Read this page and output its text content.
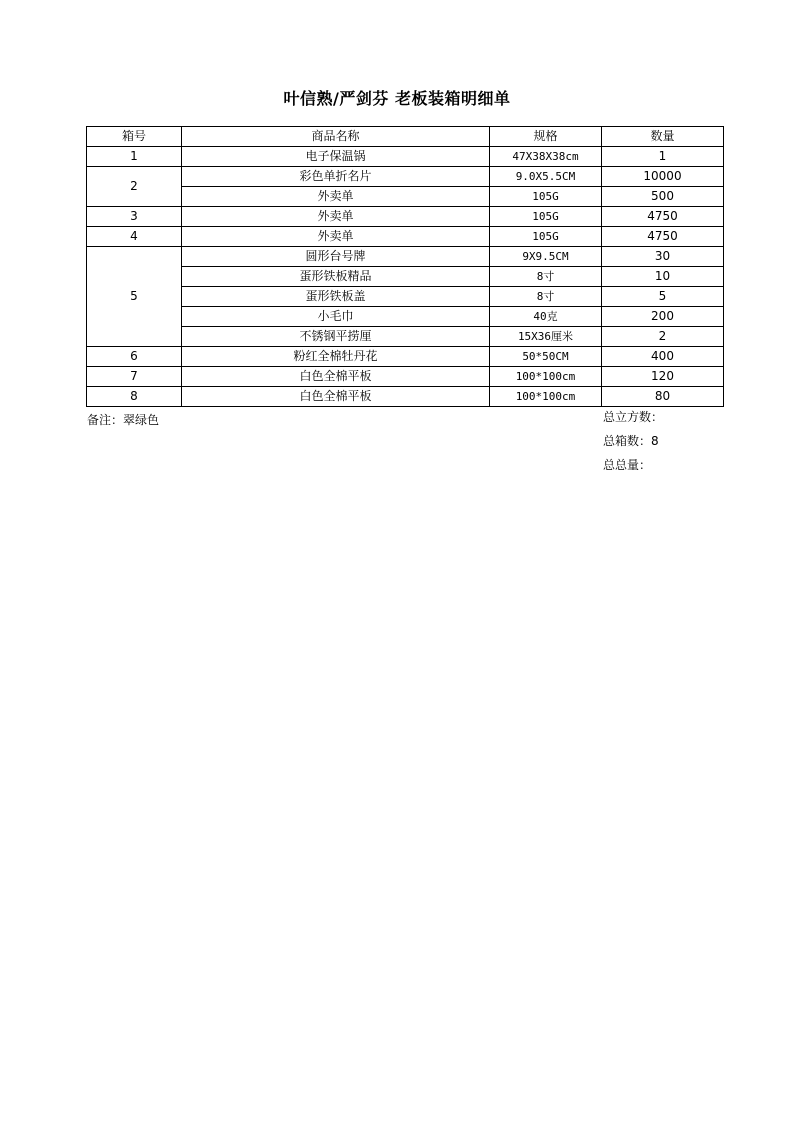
叶信熟/严剑芬 老板装箱明细单
箱号	商品名称	规格	数量
1	电子保温锅	47X38X38cm	1
2	彩色单折名片	9.0X5.5CM	10000
	外卖单	105G	500
3	外卖单	105G	4750
4	外卖单	105G	4750
5	圆形台号牌	9X9.5CM	30
	蛋形铁板精品	8寸	10
	蛋形铁板盖	8寸	5
	小毛巾	40克	200
	不锈钢平捞厘	15X36厘米	2
6	粉红全棉牡丹花	50*50CM	400
7	白色全棉平板	100*100cm	120
8	白色全棉平板	100*100cm	80
备注：翠绿色	总立方数：
总箱数：8
总总量：
